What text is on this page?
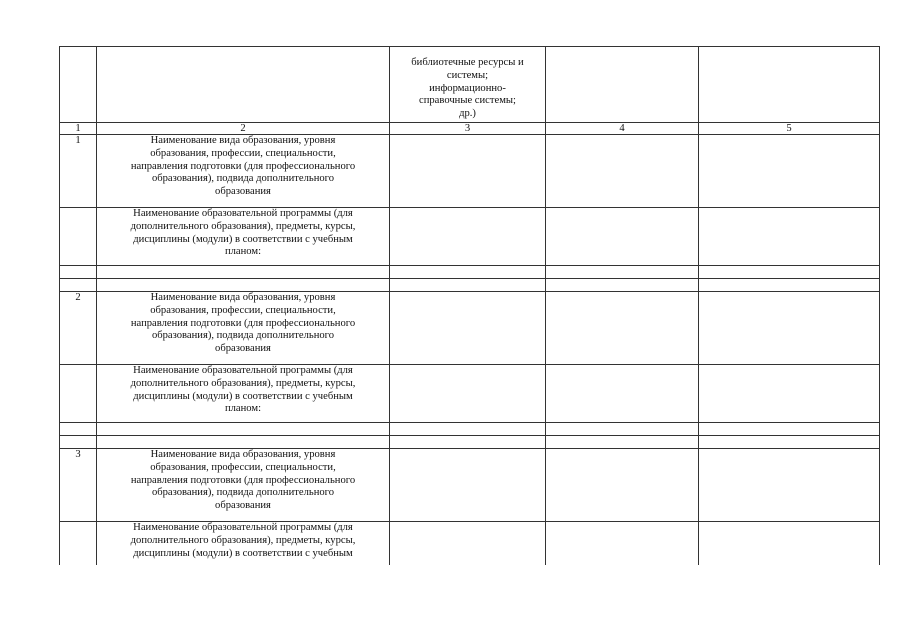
		библиотечные ресурсы и
системы;
информационно-
справочные системы;
др.)		
1	2	3	4	5
1	Наименование вида образования, уровня
образования, профессии, специальности,
направления подготовки (для профессионального
образования), подвида дополнительного
образования			
	Наименование образовательной программы (для
дополнительного образования), предметы, курсы,
дисциплины (модули) в соответствии с учебным
планом:			

2	Наименование вида образования, уровня
образования, профессии, специальности,
направления подготовки (для профессионального
образования), подвида дополнительного
образования			
	Наименование образовательной программы (для
дополнительного образования), предметы, курсы,
дисциплины (модули) в соответствии с учебным
планом:			

3	Наименование вида образования, уровня
образования, профессии, специальности,
направления подготовки (для профессионального
образования), подвида дополнительного
образования			
	Наименование образовательной программы (для
дополнительного образования), предметы, курсы,
дисциплины (модули) в соответствии с учебным			
